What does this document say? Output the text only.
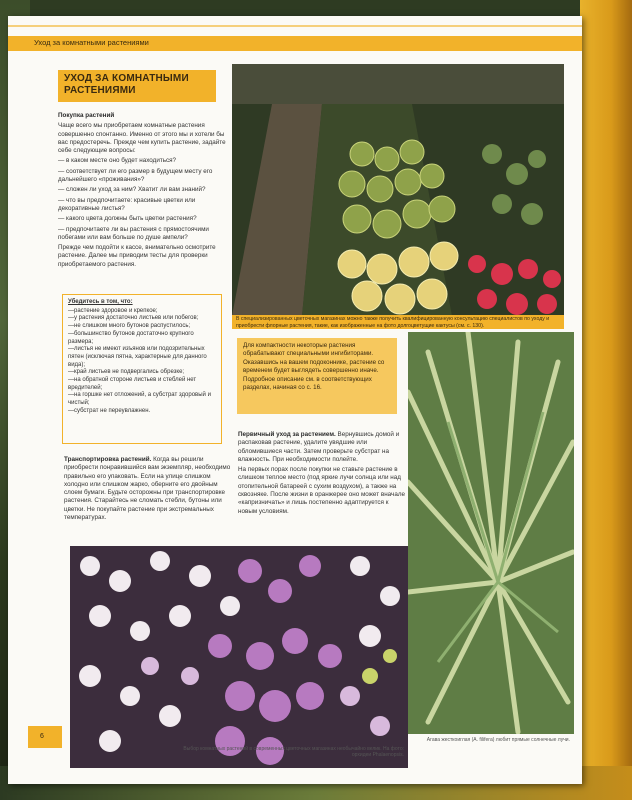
Уход за комнатными растениями
УХОД ЗА КОМНАТНЫМИ РАСТЕНИЯМИ

Покупка растений

Чаще всего мы приобретаем комнатные растения совершенно спонтанно. Именно от этого мы и хотели бы вас предостеречь. Прежде чем купить растение, задайте себе следующие вопросы:

— в каком месте оно будет находиться?

— соответствует ли его размер в будущем месту его дальнейшего «проживания»?

— сложен ли уход за ним? Хватит ли вам знаний?

— что вы предпочитаете: красивые цветки или декоративные листья?

— какого цвета должны быть цветки растения?

— предпочитаете ли вы растения с прямостоячими побегами или вам больше по душе ампели?

Прежде чем подойти к кассе, внимательно осмотрите растение. Далее мы приводим тесты для проверки приобретаемого растения.

Убедитесь в том, что:
—растение здоровое и крепкое;
—у растения достаточно листьев или побегов;
—не слишком много бутонов распустилось;
—большинство бутонов достаточно крупного размера;
—листья не имеют изъянов или подозрительных пятен (исключая пятна, характерные для данного вида);
—край листьев не подвергались обрезке;
—на обратной стороне листьев и стеблей нет вредителей;
—на горшке нет отложений, а субстрат здоровый и чистый;
—субстрат не переувлажнен.

Транспортировка растений. Когда вы решили приобрести понравившийся вам экземпляр, необходимо правильно его упаковать. Если на улице слишком холодно или слишком жарко, оберните его двойным слоем бумаги. Будьте осторожны при транспортировке растения. Старайтесь не сломать стебли, бутоны или цветки. Не покупайте растение при экстремальных температурах.

В специализированных цветочных магазинах можно также получить квалифицированную консультацию специалистов по уходу и приобрести флорные растения, такие, как изображенные на фото долгоцветущие кактусы (см. с. 130).
Для компактности некоторые растения обрабатывают специальными ингибиторами. Оказавшись на вашем подоконнике, растение со временем будет выглядеть совершенно иначе. Подробное описание см. в соответствующих разделах, начиная со с. 16.

Первичный уход за растением. Вернувшись домой и распаковав растение, удалите увядшие или обломившиеся части. Затем проверьте субстрат на влажность. При необходимости полейте.

На первых порах после покупки не ставьте растение в слишком теплое место (под яркие лучи солнца или над отопительной батареей с сухим воздухом), а также на сквозняке. После жизни в оранжерее оно может вначале «капризничать» и лишь постепенно адаптируется к новым условиям.

Агава жесткоиглая (А. filifera) любит прямые солнечные лучи.
Выбор комнатных растений в современных цветочных магазинах необычайно велик. На фото: орхидеи Phalaenopsis.
6
